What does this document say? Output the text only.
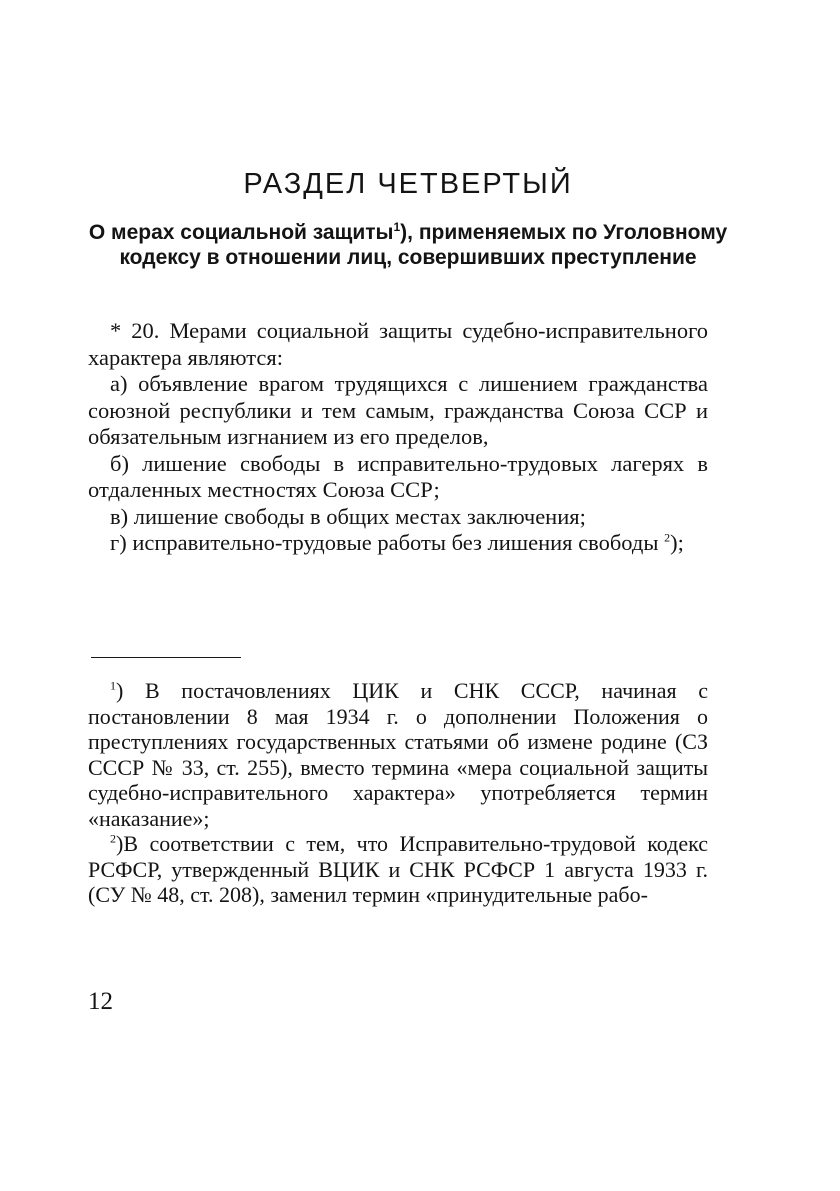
РАЗДЕЛ ЧЕТВЕРТЫЙ
О мерах социальной защиты$^1$), применяемых по Уголовному кодексу в отношении лиц, совершивших преступление

* 20. Мерами социальной защиты судебно-исправительного характера являются:

а) объявление врагом трудящихся с лишением гражданства союзной республики и тем самым, гражданства Союза ССР и обязательным изгнанием из его пределов,

б) лишение свободы в исправительно-трудовых лагерях в отдаленных местностях Союза ССР;

в) лишение свободы в общих местах заключения;

г) исправительно-трудовые работы без лишения свободы $^2$);

$^1$) В постачовлениях ЦИК и СНК СССР, начиная с постановлении 8 мая 1934 г. о дополнении Положения о преступлениях государственных статьями об измене родине (СЗ СССР № 33, ст. 255), вместо термина «мера социальной защиты судебно-исправительного характера» употребляется термин «наказание»;

$^2$)В соответствии с тем, что Исправительно-трудовой кодекс РСФСР, утвержденный ВЦИК и СНК РСФСР 1 августа 1933 г. (СУ № 48, ст. 208), заменил термин «принудительные рабо-

12
